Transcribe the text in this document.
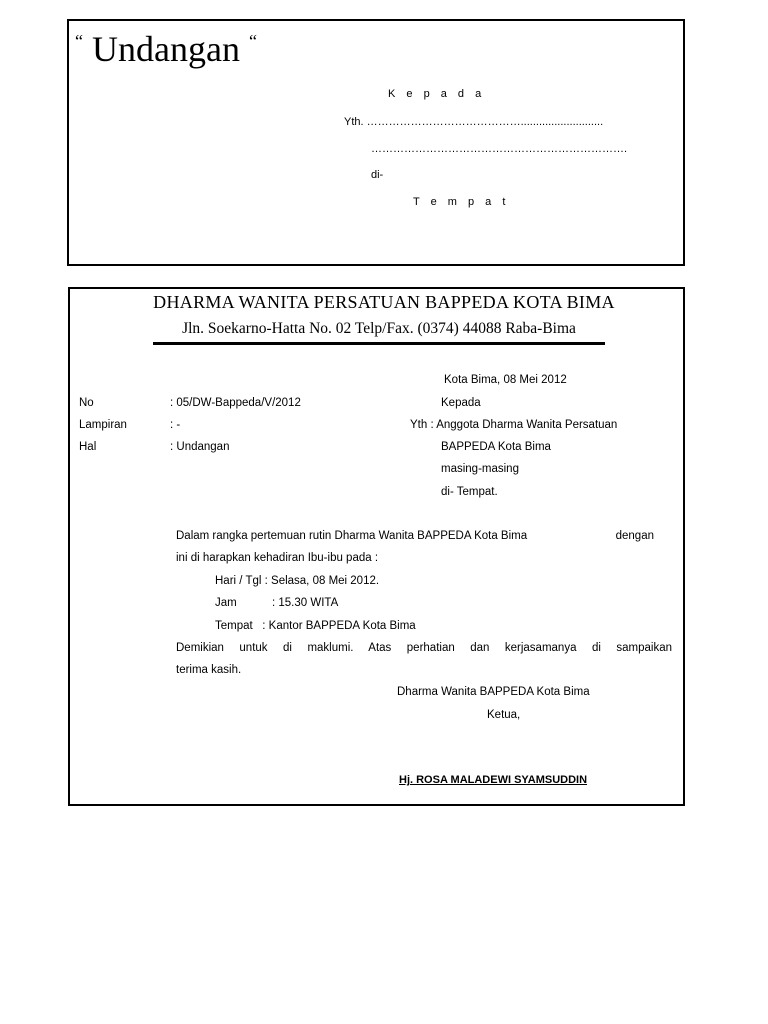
“ Undangan “
K e p a d a
Yth. ……………………………………...........................
…………………………………………………………….
di-
T e m p a t
DHARMA WANITA PERSATUAN BAPPEDA KOTA BIMA
Jln. Soekarno-Hatta No. 02 Telp/Fax. (0374) 44088 Raba-Bima
Kota Bima, 08 Mei 2012
No	: 05/DW-Bappeda/V/2012	Kepada
Lampiran	: -	Yth : Anggota Dharma Wanita Persatuan
Hal	: Undangan	BAPPEDA Kota Bima
masing-masing
di- Tempat.
Dalam rangka pertemuan rutin Dharma Wanita BAPPEDA Kota Bima	dengan
ini di harapkan kehadiran Ibu-ibu pada :
Hari / Tgl : Selasa, 08 Mei 2012.
Jam	: 15.30 WITA
Tempat   : Kantor BAPPEDA Kota Bima
Demikian untuk di maklumi. Atas perhatian dan kerjasamanya di sampaikan
terima kasih.
Dharma Wanita BAPPEDA Kota Bima
Ketua,
Hj. ROSA MALADEWI SYAMSUDDIN
